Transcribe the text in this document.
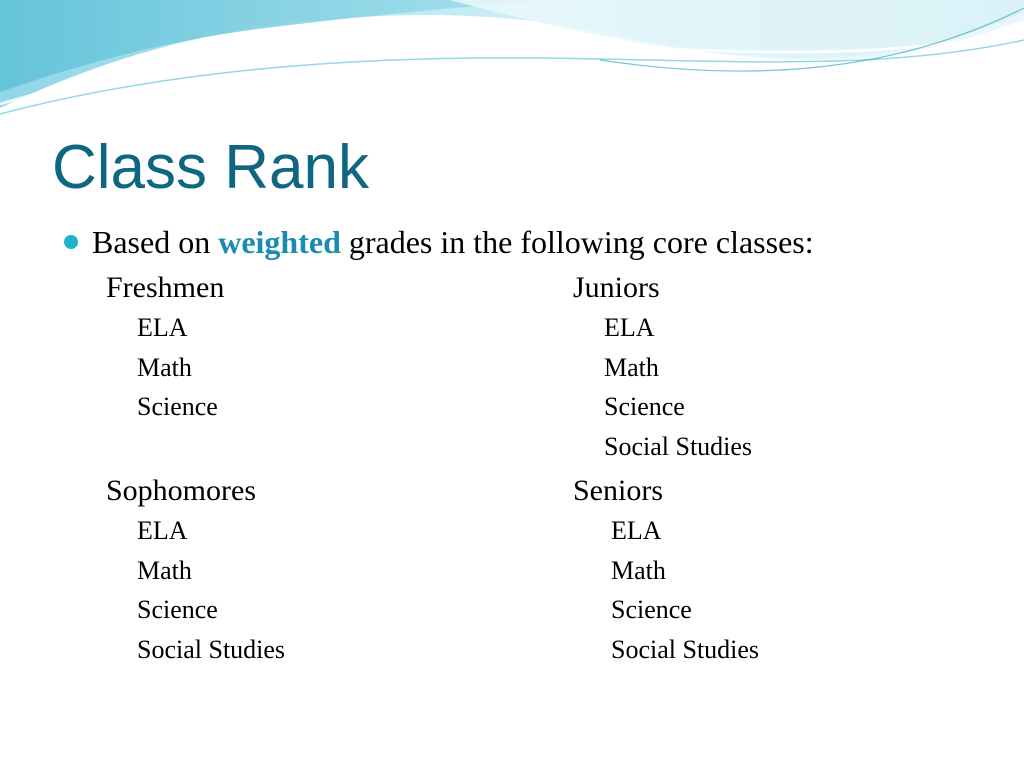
Class Rank
Based on weighted grades in the following core classes:
Freshmen
ELA
Math
Science
Juniors
ELA
Math
Science
Social Studies
Sophomores
ELA
Math
Science
Social Studies
Seniors
ELA
Math
Science
Social Studies
